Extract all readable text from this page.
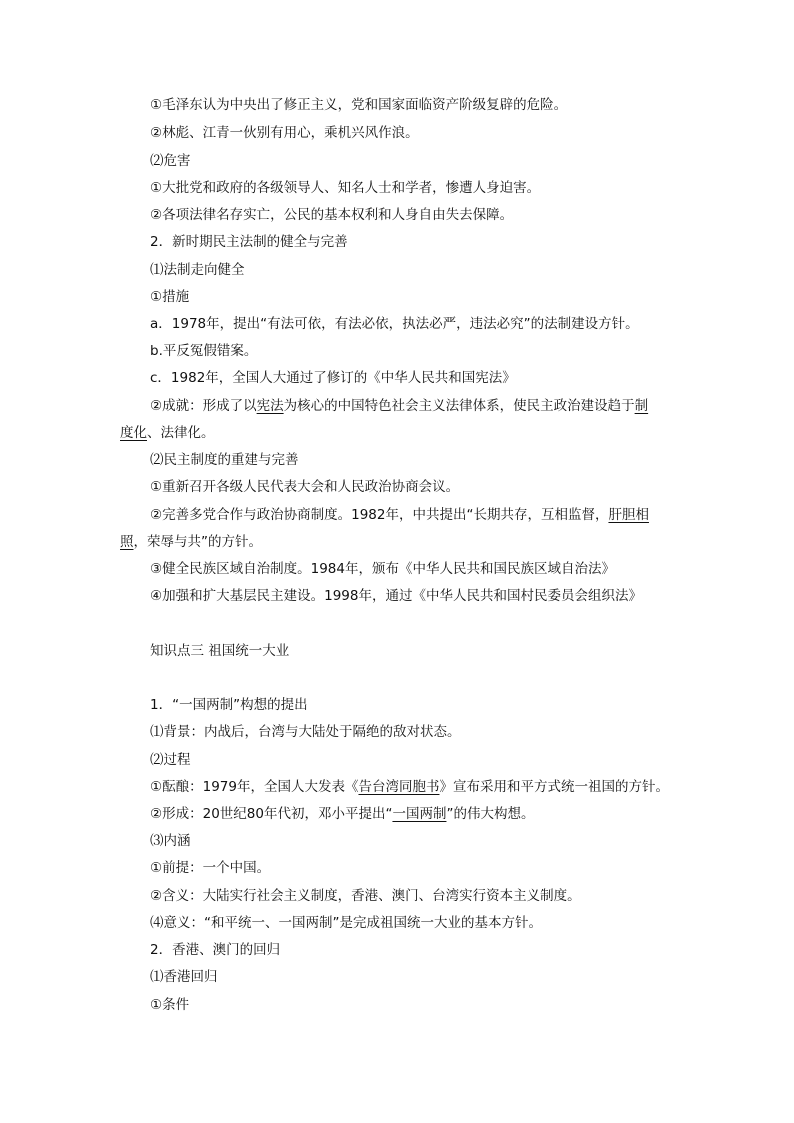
①毛泽东认为中央出了修正主义，党和国家面临资产阶级复辟的危险。
②林彪、江青一伙别有用心，乘机兴风作浪。
⑵危害
①大批党和政府的各级领导人、知名人士和学者，惨遭人身迫害。
②各项法律名存实亡，公民的基本权利和人身自由失去保障。
2．新时期民主法制的健全与完善
⑴法制走向健全
①措施
a．1978年，提出“有法可依，有法必依，执法必严，违法必究”的法制建设方针。
b.平反冤假错案。
c．1982年，全国人大通过了修订的《中华人民共和国宪法》
②成就：形成了以宪法为核心的中国特色社会主义法律体系，使民主政治建设趋于制
度化、法律化。
⑵民主制度的重建与完善
①重新召开各级人民代表大会和人民政治协商会议。
②完善多党合作与政治协商制度。1982年，中共提出“长期共存，互相监督，肝胆相
照，荣辱与共”的方针。
③健全民族区域自治制度。1984年，颁布《中华人民共和国民族区域自治法》
④加强和扩大基层民主建设。1998年，通过《中华人民共和国村民委员会组织法》
知识点三 祖国统一大业
1．“一国两制”构想的提出
⑴背景：内战后，台湾与大陆处于隔绝的敌对状态。
⑵过程
①酝酿：1979年，全国人大发表《告台湾同胞书》宣布采用和平方式统一祖国的方针。
②形成：20世纪80年代初，邓小平提出“一国两制”的伟大构想。
⑶内涵
①前提：一个中国。
②含义：大陆实行社会主义制度，香港、澳门、台湾实行资本主义制度。
⑷意义：“和平统一、一国两制”是完成祖国统一大业的基本方针。
2．香港、澳门的回归
⑴香港回归
①条件
